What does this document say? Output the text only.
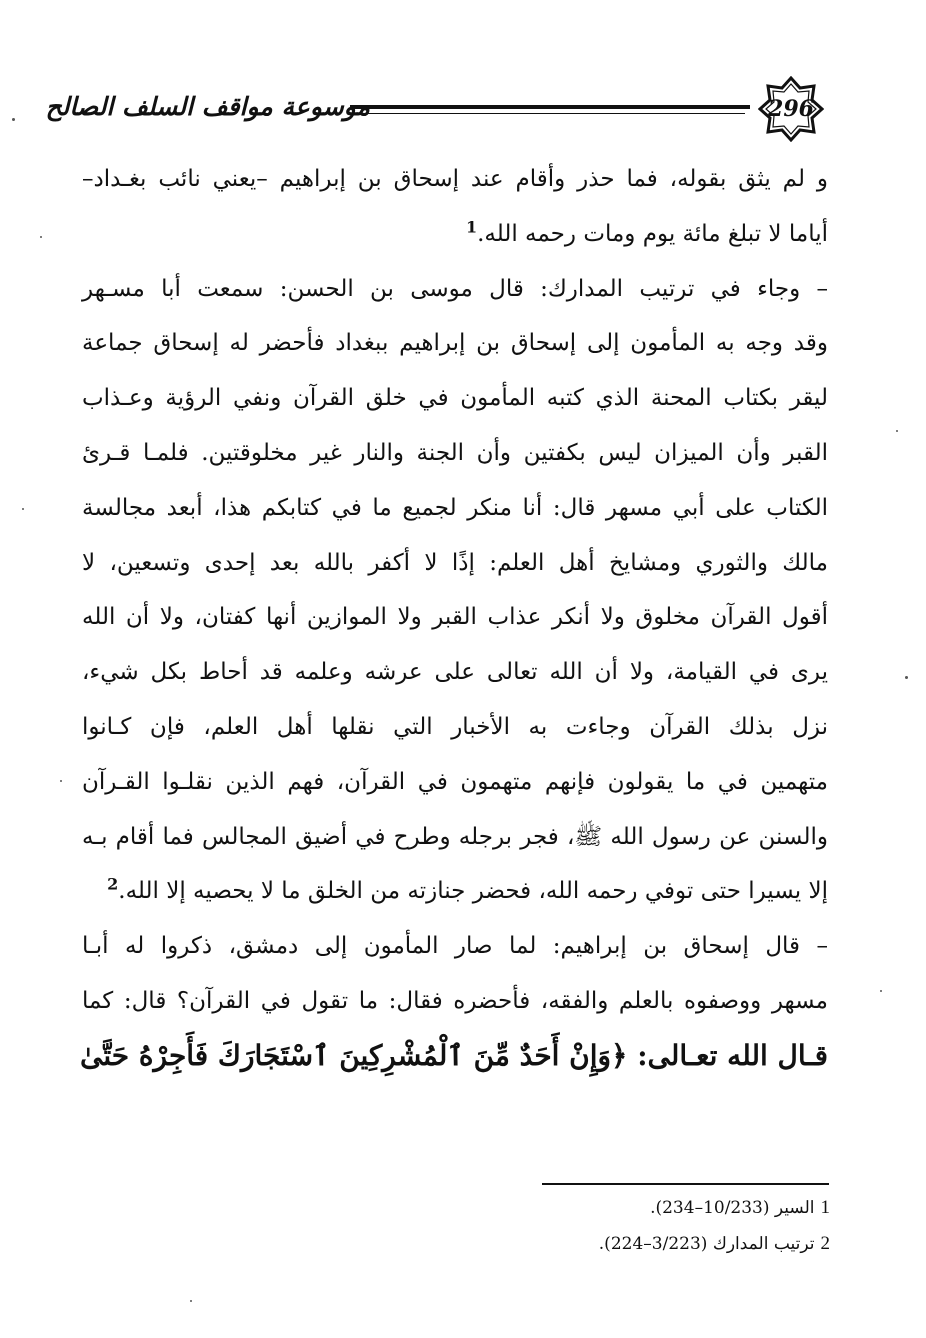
موسوعة مواقف السلف الصالح	296
و لم يثق بقوله، فما حذر وأقام عند إسحاق بن إبراهيم –يعني نائب بغـداد–
أياما لا تبلغ مائة يوم ومات رحمه الله.$^1$
– وجاء في ترتيب المدارك: قال موسى بن الحسن: سمعت أبا مسـهر
وقد وجه به المأمون إلى إسحاق بن إبراهيم ببغداد فأحضر له إسحاق جماعة
ليقر بكتاب المحنة الذي كتبه المأمون في خلق القرآن ونفي الرؤية وعـذاب
القبر وأن الميزان ليس بكفتين وأن الجنة والنار غير مخلوقتين. فلمـا قـرئ
الكتاب على أبي مسهر قال: أنا منكر لجميع ما في كتابكم هذا، أبعد مجالسة
مالك والثوري ومشايخ أهل العلم: إذًا لا أكفر بالله بعد إحدى وتسعين، لا
أقول القرآن مخلوق ولا أنكر عذاب القبر ولا الموازين أنها كفتان، ولا أن الله
يرى في القيامة، ولا أن الله تعالى على عرشه وعلمه قد أحاط بكل شيء،
نزل بذلك القرآن وجاءت به الأخبار التي نقلها أهل العلم، فإن كـانوا
متهمين في ما يقولون فإنهم متهمون في القرآن، فهم الذين نقلـوا القـرآن
والسنن عن رسول الله ﷺ، فجر برجله وطرح في أضيق المجالس فما أقام بـه
إلا يسيرا حتى توفي رحمه الله، فحضر جنازته من الخلق ما لا يحصيه إلا الله.$^2$
– قال إسحاق بن إبراهيم: لما صار المأمون إلى دمشق، ذكروا له أبـا
مسهر ووصفوه بالعلم والفقه، فأحضره فقال: ما تقول في القرآن؟ قال: كما
قـال الله تعـالى: ﴿وَإِنْ أَحَدٌ مِّنَ ٱلْمُشْرِكِينَ ٱسْتَجَارَكَ فَأَجِرْهُ حَتَّىٰ
1السير (10/233–234).
2ترتيب المدارك (3/223–224).
